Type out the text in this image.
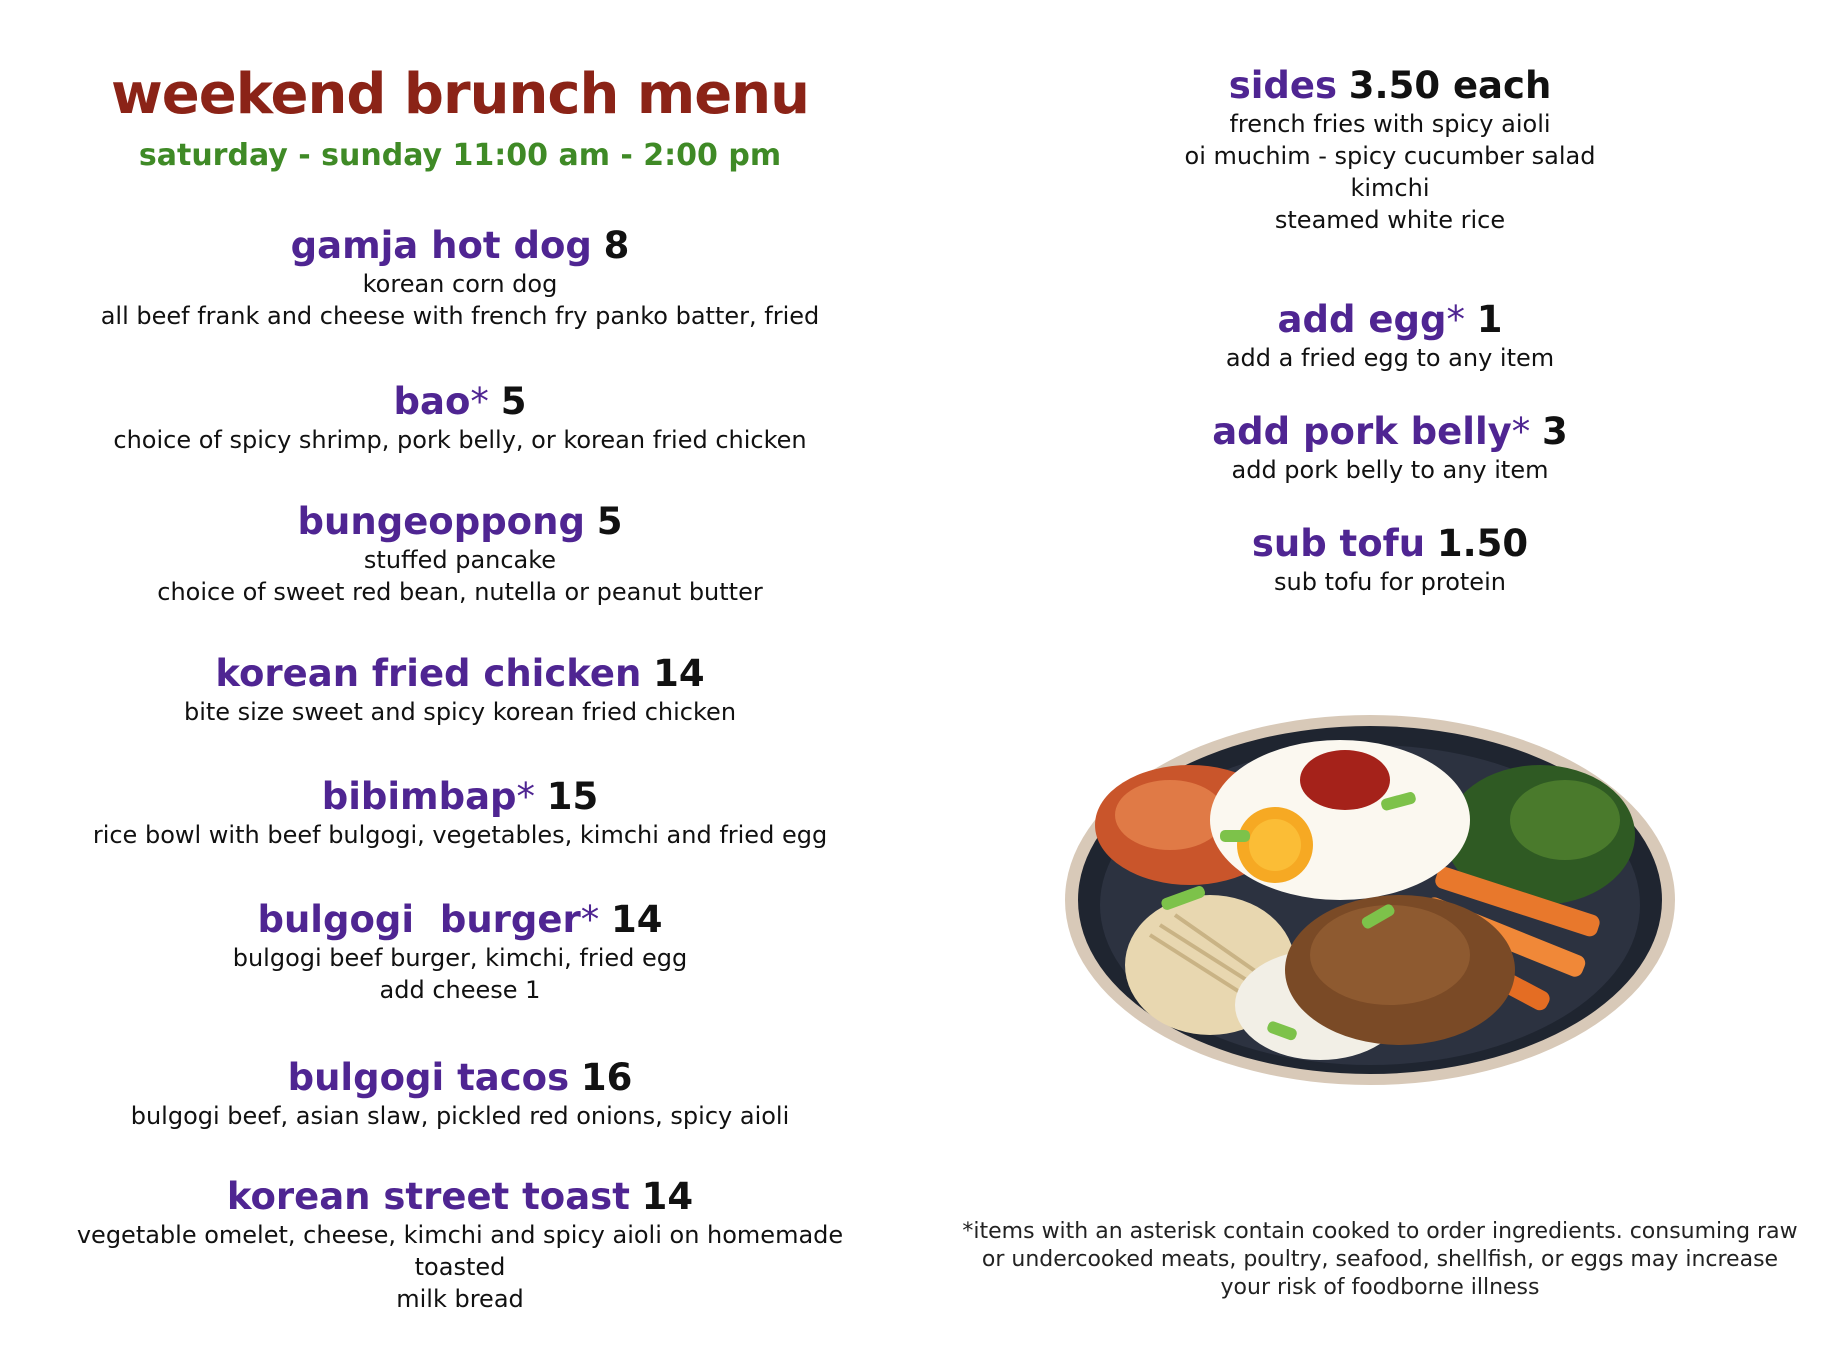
weekend brunch menu
saturday - sunday 11:00 am - 2:00 pm
gamja hot dog 8
korean corn dog
all beef frank and cheese with french fry panko batter, fried
bao* 5
choice of spicy shrimp, pork belly, or korean fried chicken
bungeoppong 5
stuffed pancake
choice of sweet red bean, nutella or peanut butter
korean fried chicken 14
bite size sweet and spicy korean fried chicken
bibimbap* 15
rice bowl with beef bulgogi, vegetables, kimchi and fried egg
bulgogi  burger* 14
bulgogi beef burger, kimchi, fried egg
add cheese 1
bulgogi tacos 16
bulgogi beef, asian slaw, pickled red onions, spicy aioli
korean street toast 14
vegetable omelet, cheese, kimchi and spicy aioli on homemade toasted
milk bread
sides 3.50 each
french fries with spicy aioli
oi muchim - spicy cucumber salad
kimchi
steamed white rice
add egg* 1
add a fried egg to any item
add pork belly* 3
add pork belly to any item
sub tofu 1.50
sub tofu for protein
*items with an asterisk contain cooked to order ingredients. consuming raw
or undercooked meats, poultry, seafood, shellfish, or eggs may increase
your risk of foodborne illness
